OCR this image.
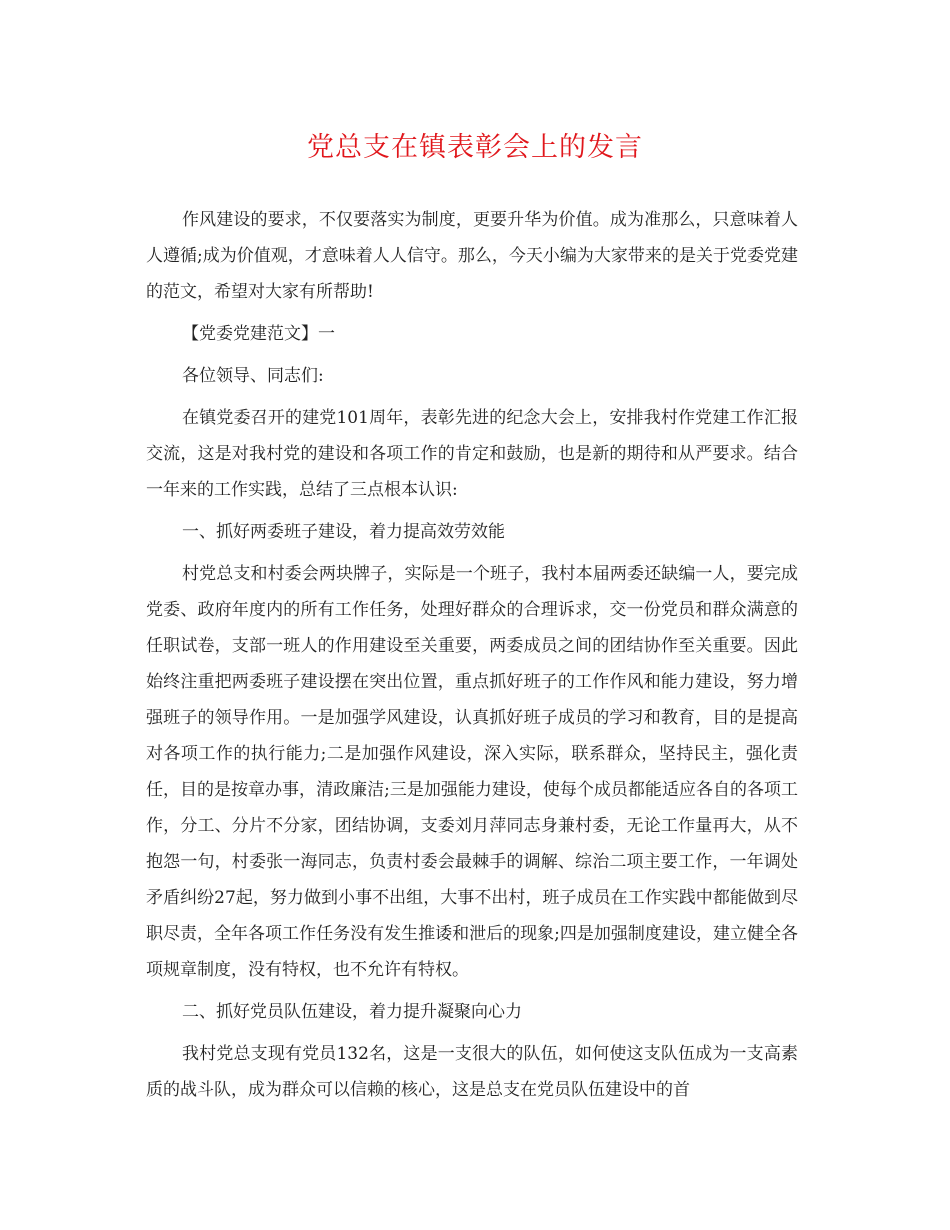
党总支在镇表彰会上的发言

作风建设的要求，不仅要落实为制度，更要升华为价值。成为准那么，只意味着人人遵循;成为价值观，才意味着人人信守。那么，今天小编为大家带来的是关于党委党建的范文，希望对大家有所帮助!

【党委党建范文】一

各位领导、同志们:

在镇党委召开的建党101周年，表彰先进的纪念大会上，安排我村作党建工作汇报交流，这是对我村党的建设和各项工作的肯定和鼓励，也是新的期待和从严要求。结合一年来的工作实践，总结了三点根本认识:

一、抓好两委班子建设，着力提高效劳效能

村党总支和村委会两块牌子，实际是一个班子，我村本届两委还缺编一人，要完成党委、政府年度内的所有工作任务，处理好群众的合理诉求，交一份党员和群众满意的任职试卷，支部一班人的作用建设至关重要，两委成员之间的团结协作至关重要。因此始终注重把两委班子建设摆在突出位置，重点抓好班子的工作作风和能力建设，努力增强班子的领导作用。一是加强学风建设，认真抓好班子成员的学习和教育，目的是提高对各项工作的执行能力;二是加强作风建设，深入实际，联系群众，坚持民主，强化责任，目的是按章办事，清政廉洁;三是加强能力建设，使每个成员都能适应各自的各项工作，分工、分片不分家，团结协调，支委刘月萍同志身兼村委，无论工作量再大，从不抱怨一句，村委张一海同志，负责村委会最棘手的调解、综治二项主要工作，一年调处矛盾纠纷27起，努力做到小事不出组，大事不出村，班子成员在工作实践中都能做到尽职尽责，全年各项工作任务没有发生推诿和泄后的现象;四是加强制度建设，建立健全各项规章制度，没有特权，也不允许有特权。

二、抓好党员队伍建设，着力提升凝聚向心力

我村党总支现有党员132名，这是一支很大的队伍，如何使这支队伍成为一支高素质的战斗队，成为群众可以信赖的核心，这是总支在党员队伍建设中的首
